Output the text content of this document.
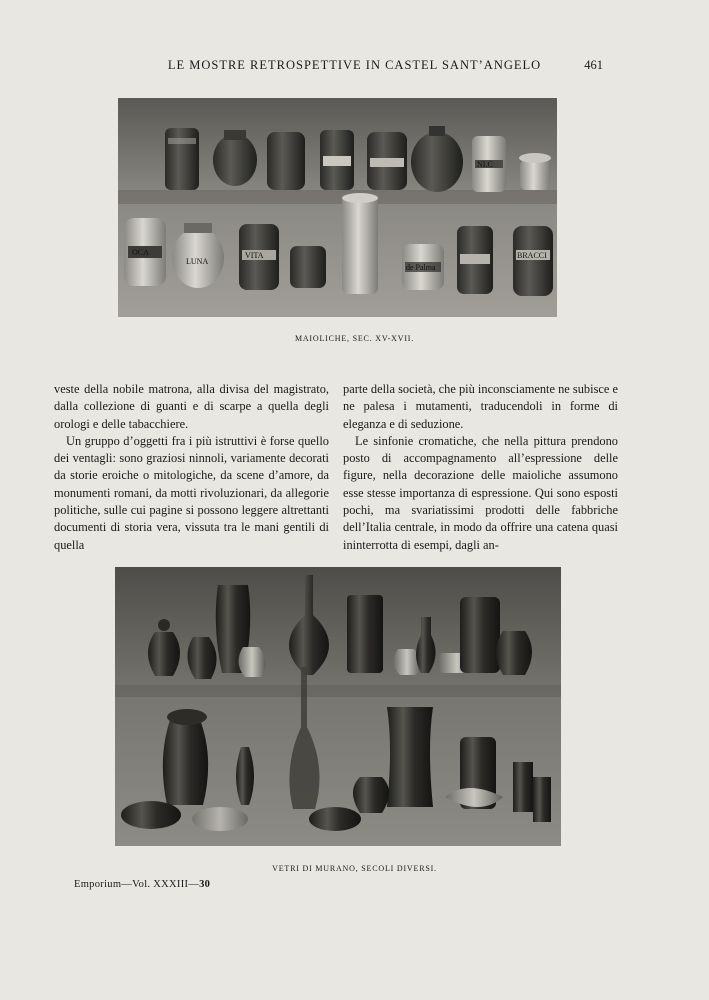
LE MOSTRE RETROSPETTIVE IN CASTEL SANT’ANGELO	461
OCA
LUNA
VITA
de Palma
NI.C
BRACCI
MAIOLICHE, SEC. XV-XVII.

veste della nobile matrona, alla divisa del magistrato, dalla collezione di guanti e di scarpe a quella degli orologi e delle tabacchiere.

Un gruppo d’oggetti fra i più istruttivi è forse quello dei ventagli: sono graziosi ninnoli, variamente decorati da storie eroiche o mitologiche, da scene d’amore, da monumenti romani, da motti rivoluzionari, da allegorie politiche, sulle cui pagine si possono leggere altrettanti documenti di storia vera, vissuta tra le mani gentili di quella

parte della società, che più inconsciamente ne subisce e ne palesa i mutamenti, traducendoli in forme di eleganza e di seduzione.

Le sinfonie cromatiche, che nella pittura prendono posto di accompagnamento all’espressione delle figure, nella decorazione delle maioliche assumono esse stesse importanza di espressione. Qui sono esposti pochi, ma svariatissimi prodotti delle fabbriche dell’Italia centrale, in modo da offrire una catena quasi ininterrotta di esempi, dagli an-

VETRI DI MURANO, SECOLI DIVERSI.
Emporium—Vol. XXXIII—30
